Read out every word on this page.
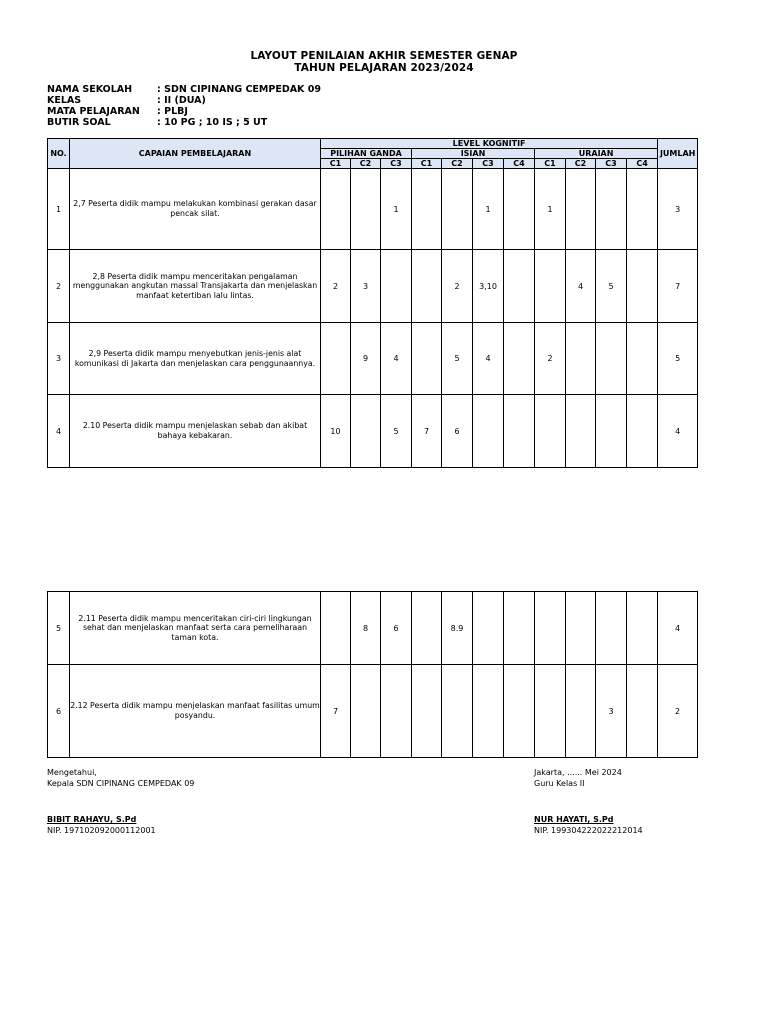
LAYOUT PENILAIAN AKHIR SEMESTER GENAP
TAHUN PELAJARAN 2023/2024
NAMA SEKOLAH	: SDN CIPINANG CEMPEDAK 09
KELAS	: II (DUA)
MATA PELAJARAN : PLBJ
BUTIR SOAL	: 10 PG ; 10 IS ; 5 UT
NO.	CAPAIAN PEMBELAJARAN	LEVEL KOGNITIF											JUMLAH
		PILIHAN GANDA			ISIAN				URAIAN				
		C1	C2	C3	C1	C2	C3	C4	C1	C2	C3	C4	
1	2,7 Peserta didik mampu melakukan kombinasi gerakan dasar pencak silat.			1			1		1				3
2	2,8 Peserta didik mampu menceritakan pengalaman menggunakan angkutan massal Transjakarta dan menjelaskan manfaat ketertiban lalu lintas.	2	3			2	3,10			4	5		7
3	2,9 Peserta didik mampu menyebutkan jenis-jenis alat komunikasi di Jakarta dan menjelaskan cara penggunaannya.		9	4		5	4		2				5
4	2.10 Peserta didik mampu menjelaskan sebab dan akibat bahaya kebakaran.	10		5	7	6							4
5	2.11 Peserta didik mampu menceritakan ciri-ciri lingkungan sehat dan menjelaskan manfaat serta cara pemeliharaan taman kota.		8	6		8.9							4
6	2.12 Peserta didik mampu menjelaskan manfaat fasilitas umum posyandu.	7									3		2
Mengetahui,
Kepala SDN CIPINANG CEMPEDAK 09
BIBIT RAHAYU, S.Pd
NIP. 197102092000112001
Jakarta, ...... Mei 2024
Guru Kelas II
NUR HAYATI, S.Pd
NIP. 199304222022212014
